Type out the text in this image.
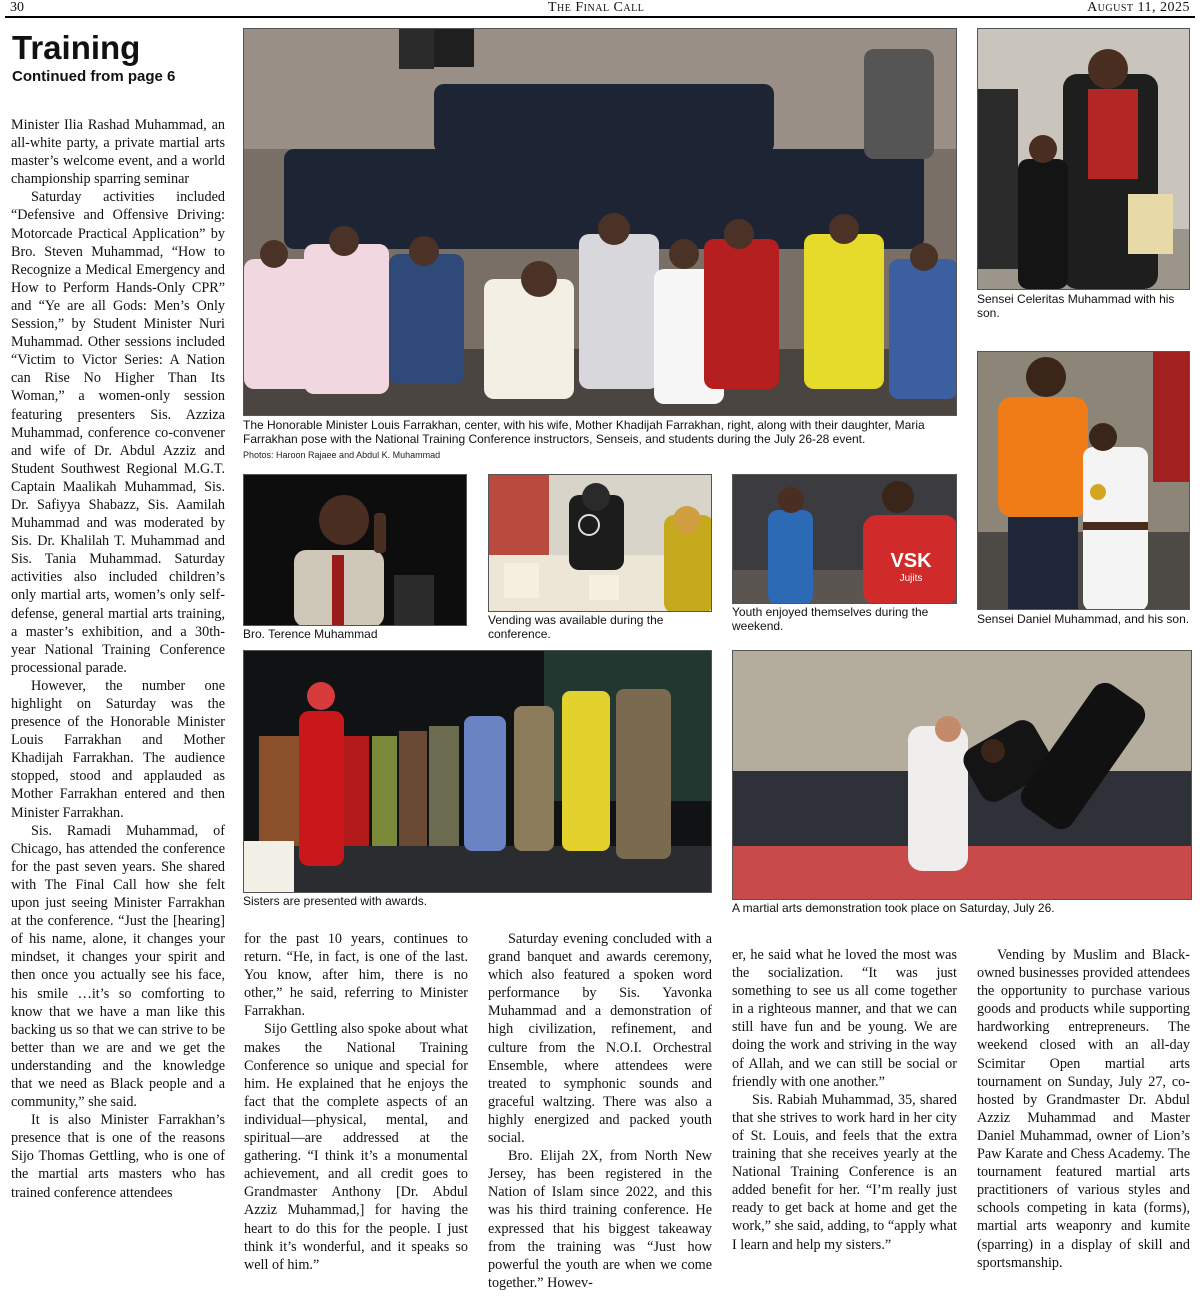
30	The Final Call	August 11, 2025
Training
Continued from page 6

Minister Ilia Rashad Muhammad, an all-white party, a private martial arts master’s welcome event, and a world championship sparring seminar

Saturday activities included “Defensive and Offensive Driving: Motorcade Practical Application” by Bro. Steven Muhammad, “How to Recognize a Medical Emergency and How to Perform Hands-Only CPR” and “Ye are all Gods: Men’s Only Session,” by Student Minister Nuri Muhammad. Other sessions included “Victim to Victor Series: A Nation can Rise No Higher Than Its Woman,” a women-only session featuring presenters Sis. Azziza Muhammad, conference co-convener and wife of Dr. Abdul Azziz and Student Southwest Regional M.G.T. Captain Maalikah Muhammad, Sis. Dr. Safiyya Shabazz, Sis. Aamilah Muhammad and was moderated by Sis. Dr. Khalilah T. Muhammad and Sis. Tania Muhammad. Saturday activities also included children’s only martial arts, women’s only self-defense, general martial arts training, a master’s exhibition, and a 30th-year National Training Conference processional parade.

However, the number one highlight on Saturday was the presence of the Honorable Minister Louis Farrakhan and Mother Khadijah Farrakhan. The audience stopped, stood and applauded as Mother Farrakhan entered and then Minister Farrakhan.

Sis. Ramadi Muhammad, of Chicago, has attended the conference for the past seven years. She shared with The Final Call how she felt upon just seeing Minister Farrakhan at the conference. “Just the [hearing] of his name, alone, it changes your mindset, it changes your spirit and then once you actually see his face, his smile …it’s so comforting to know that we have a man like this backing us so that we can strive to be better than we are and we get the understanding and the knowledge that we need as Black people and a community,” she said.

It is also Minister Farrakhan’s presence that is one of the reasons Sijo Thomas Gettling, who is one of the martial arts masters who has trained conference attendees

for the past 10 years, continues to return. “He, in fact, is one of the last. You know, after him, there is no other,” he said, referring to Minister Farrakhan.

Sijo Gettling also spoke about what makes the National Training Conference so unique and special for him. He explained that he enjoys the fact that the complete aspects of an individual—physical, mental, and spiritual—are addressed at the gathering. “I think it’s a monumental achievement, and all credit goes to Grandmaster Anthony [Dr. Abdul Azziz Muhammad,] for having the heart to do this for the people. I just think it’s wonderful, and it speaks so well of him.”

Saturday evening concluded with a grand banquet and awards ceremony, which also featured a spoken word performance by Sis. Yavonka Muhammad and a demonstration of high civilization, refinement, and culture from the N.O.I. Orchestral Ensemble, where attendees were treated to symphonic sounds and graceful waltzing. There was also a highly energized and packed youth social.

Bro. Elijah 2X, from North New Jersey, has been registered in the Nation of Islam since 2022, and this was his third training conference. He expressed that his biggest takeaway from the training was “Just how powerful the youth are when we come together.” Howev-

er, he said what he loved the most was the socialization. “It was just something to see us all come together in a righteous manner, and that we can still have fun and be young. We are doing the work and striving in the way of Allah, and we can still be social or friendly with one another.”

Sis. Rabiah Muhammad, 35, shared that she strives to work hard in her city of St. Louis, and feels that the extra training that she receives yearly at the National Training Conference is an added benefit for her. “I’m really just ready to get back at home and get the work,” she said, adding, to “apply what I learn and help my sisters.”

Vending by Muslim and Black-owned businesses provided attendees the opportunity to purchase various goods and products while supporting hardworking entrepreneurs. The weekend closed with an all-day Scimitar Open martial arts tournament on Sunday, July 27, co-hosted by Grandmaster Dr. Abdul Azziz Muhammad and Master Daniel Muhammad, owner of Lion’s Paw Karate and Chess Academy. The tournament featured martial arts practitioners of various styles and schools competing in kata (forms), martial arts weaponry and kumite (sparring) in a display of skill and sportsmanship.

The Honorable Minister Louis Farrakhan, center, with his wife, Mother Khadijah Farrakhan, right, along with their daughter, Maria Farrakhan pose with the National Training Conference instructors, Senseis, and students during the July 26-28 event.
Photos: Haroon Rajaee and Abdul K. Muhammad
Sensei Celeritas Muhammad with his son.
Bro. Terence Muhammad
Vending was available during the conference.
VSK
Jujits
Youth enjoyed themselves during the weekend.	Sensei Daniel Muhammad, and his son.
Sisters are presented with awards.	A martial arts demonstration took place on Saturday, July 26.
